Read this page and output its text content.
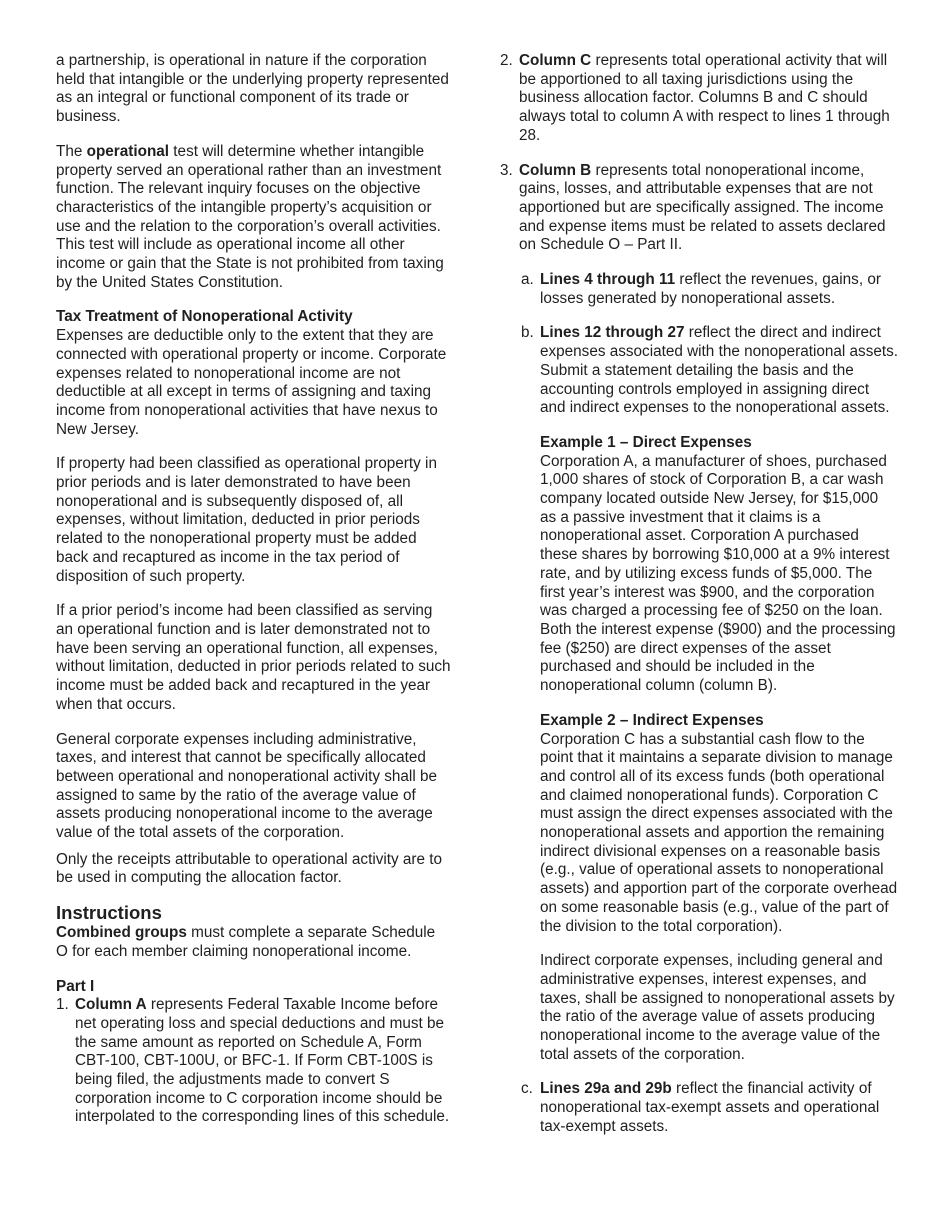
a partnership, is operational in nature if the corporation held that intangible or the underlying property represented as an integral or functional component of its trade or business.

The operational test will determine whether intangible property served an operational rather than an investment function. The relevant inquiry focuses on the objective characteristics of the intangible property’s acquisition or use and the relation to the corporation’s overall activities. This test will include as operational income all other income or gain that the State is not prohibited from taxing by the United States Constitution.

Tax Treatment of Nonoperational Activity

Expenses are deductible only to the extent that they are connected with operational property or income. Corporate expenses related to nonoperational income are not deductible at all except in terms of assigning and taxing income from nonoperational activities that have nexus to New Jersey.

If property had been classified as operational property in prior periods and is later demonstrated to have been nonoperational and is subsequently disposed of, all expenses, without limitation, deducted in prior periods related to the nonoperational property must be added back and recaptured as income in the tax period of disposition of such property.

If a prior period’s income had been classified as serving an operational function and is later demonstrated not to have been serving an operational function, all expenses, without limitation, deducted in prior periods related to such income must be added back and recaptured in the year when that occurs.

General corporate expenses including administrative, taxes, and interest that cannot be specifically allocated between operational and nonoperational activity shall be assigned to same by the ratio of the average value of assets producing nonoperational income to the average value of the total assets of the corporation.

Only the receipts attributable to operational activity are to be used in computing the allocation factor.

Instructions

Combined groups must complete a separate Schedule O for each member claiming nonoperational income.

Part I
1. Column A represents Federal Taxable Income before net operating loss and special deductions and must be the same amount as reported on Schedule A, Form CBT-100, CBT-100U, or BFC-1. If Form CBT-100S is being filed, the adjustments made to convert S corporation income to C corporation income should be interpolated to the corresponding lines of this schedule.
2. Column C represents total operational activity that will be apportioned to all taxing jurisdictions using the business allocation factor. Columns B and C should always total to column A with respect to lines 1 through 28.
3. Column B represents total nonoperational income, gains, losses, and attributable expenses that are not apportioned but are specifically assigned. The income and expense items must be related to assets declared on Schedule O – Part II.
a. Lines 4 through 11 reflect the revenues, gains, or losses generated by nonoperational assets.
b. Lines 12 through 27 reflect the direct and indirect expenses associated with the nonoperational assets. Submit a statement detailing the basis and the accounting controls employed in assigning direct and indirect expenses to the nonoperational assets.
Example 1 – Direct Expenses

Corporation A, a manufacturer of shoes, purchased 1,000 shares of stock of Corporation B, a car wash company located outside New Jersey, for $15,000 as a passive investment that it claims is a nonoperational asset. Corporation A purchased these shares by borrowing $10,000 at a 9% interest rate, and by utilizing excess funds of $5,000. The first year’s interest was $900, and the corporation was charged a processing fee of $250 on the loan. Both the interest expense ($900) and the processing fee ($250) are direct expenses of the asset purchased and should be included in the nonoperational column (column B).

Example 2 – Indirect Expenses

Corporation C has a substantial cash flow to the point that it maintains a separate division to manage and control all of its excess funds (both operational and claimed nonoperational funds). Corporation C must assign the direct expenses associated with the nonoperational assets and apportion the remaining indirect divisional expenses on a reasonable basis (e.g., value of operational assets to nonoperational assets) and apportion part of the corporate overhead on some reasonable basis (e.g., value of the part of the division to the total corporation).

Indirect corporate expenses, including general and administrative expenses, interest expenses, and taxes, shall be assigned to nonoperational assets by the ratio of the average value of assets producing nonoperational income to the average value of the total assets of the corporation.

c. Lines 29a and 29b reflect the financial activity of nonoperational tax-exempt assets and operational tax-exempt assets.
